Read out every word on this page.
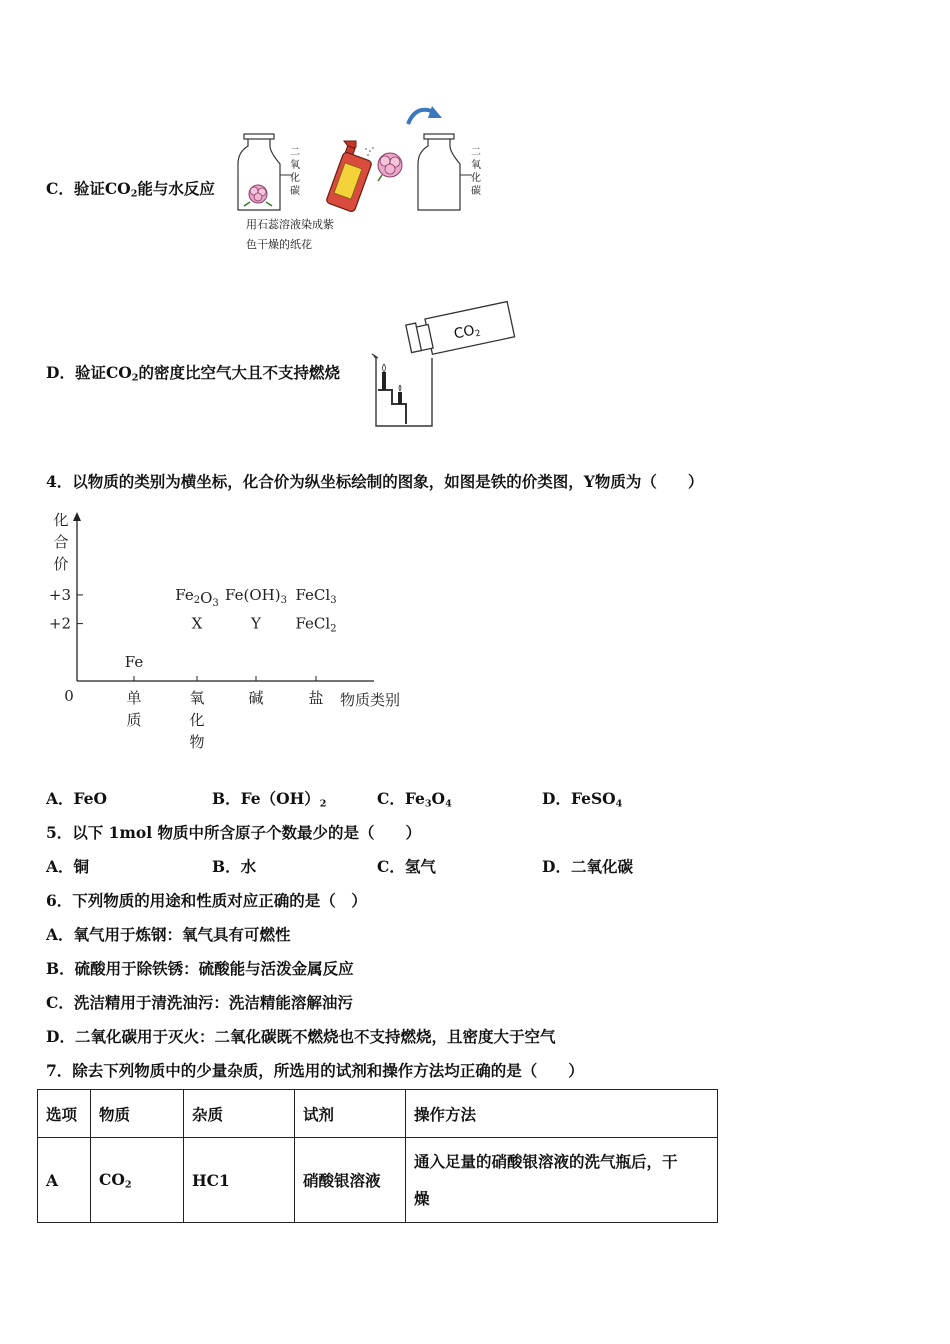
C．验证$CO_2$能与水反应
二
氧
化
碳
用石蕊溶液染成紫
色干燥的纸花
二
氧
化
碳
D．验证$CO_2$的密度比空气大且不支持燃烧
$CO_2$
4．以物质的类别为横坐标，化合价为纵坐标绘制的图象，如图是铁的价类图，Y物质为（　　）
化
合
价
0
+3
+2
单
质
氧
化
物
碱	盐 物质类别
Fe
$Fe_2O_3$ $Fe(OH)_3$ FeCl$_3$
X	Y FeCl$_2$
A．FeO	B．$Fe(OH)_2$	C．$Fe_3O_4$	D．FeSO$_4$
5．以下 1mol 物质中所含原子个数最少的是（　　）
A．铜	B．水	C．氢气	D．二氧化碳
6．下列物质的用途和性质对应正确的是（　）
A．氧气用于炼钢：氧气具有可燃性
B．硫酸用于除铁锈：硫酸能与活泼金属反应
C．洗洁精用于清洗油污：洗洁精能溶解油污
D．二氧化碳用于灭火：二氧化碳既不燃烧也不支持燃烧，且密度大于空气
7．除去下列物质中的少量杂质，所选用的试剂和操作方法均正确的是（　　）
选项	物质	杂质	试剂	操作方法
A	$CO_2$	HC1	硝酸银溶液	通入足量的硝酸银溶液的洗气瓶后，干
燥
